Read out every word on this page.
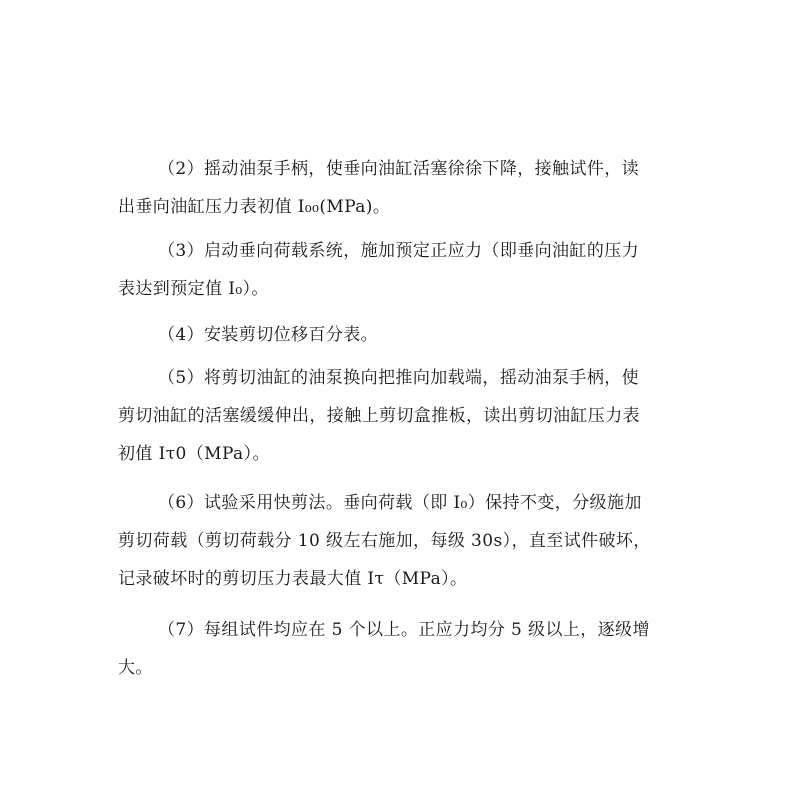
（2）摇动油泵手柄，使垂向油缸活塞徐徐下降，接触试件，读
出垂向油缸压力表初值 I₀₀(MPa)。
（3）启动垂向荷载系统，施加预定正应力（即垂向油缸的压力
表达到预定值 I₀）。
（4）安装剪切位移百分表。
（5）将剪切油缸的油泵换向把推向加载端，摇动油泵手柄，使
剪切油缸的活塞缓缓伸出，接触上剪切盒推板，读出剪切油缸压力表
初值 Iτ0（MPa）。
（6）试验采用快剪法。垂向荷载（即 I₀）保持不变，分级施加
剪切荷载（剪切荷载分 10 级左右施加，每级 30s），直至试件破坏，
记录破坏时的剪切压力表最大值 Iτ（MPa）。
（7）每组试件均应在 5 个以上。正应力均分 5 级以上，逐级增
大。
